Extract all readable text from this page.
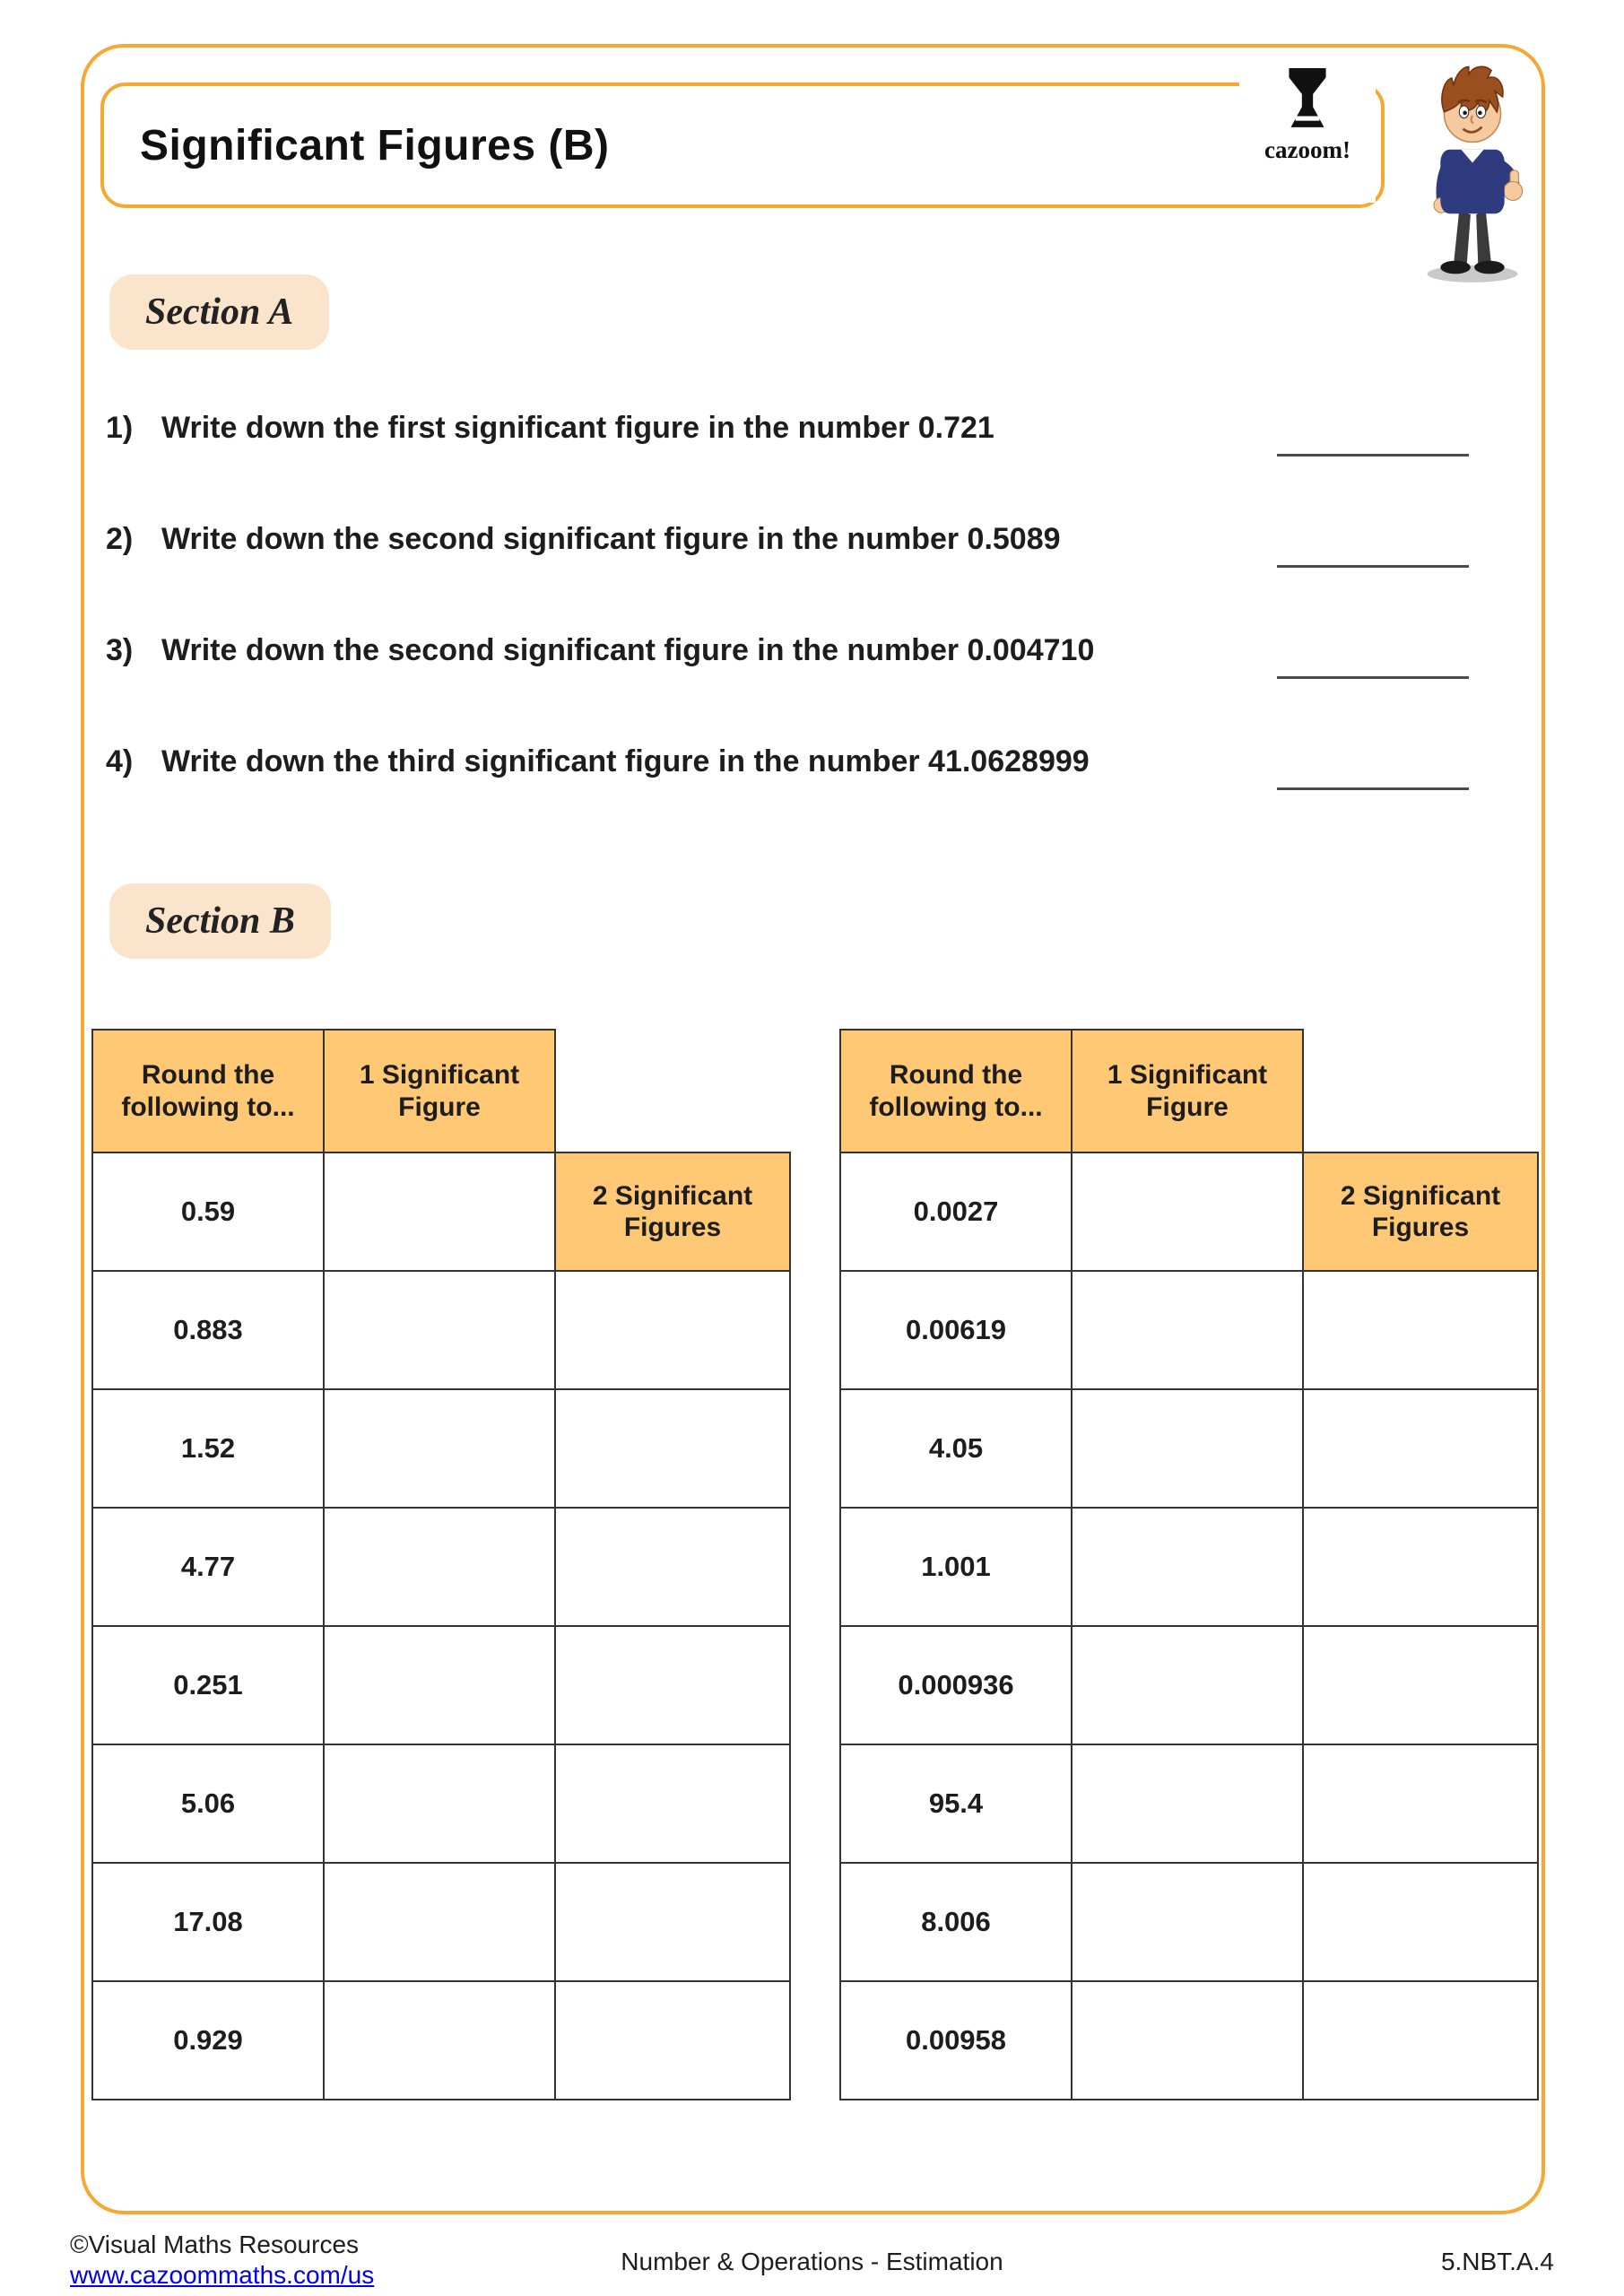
Significant Figures (B)	cazoom!
Section A
1) Write down the first significant figure in the number 0.721
2) Write down the second significant figure in the number 0.5089
3) Write down the second significant figure in the number 0.004710
4) Write down the third significant figure in the number 41.0628999
Section B
Round the following to...	1 Significant Figure	
0.59		2 Significant Figures
0.883		
1.52		
4.77		
0.251		
5.06		
17.08		
0.929		
Round the following to...	1 Significant Figure	
0.0027		2 Significant Figures
0.00619		
4.05		
1.001		
0.000936		
95.4		
8.006		
0.00958		
©Visual Maths Resources
www.cazoommaths.com/us	Number & Operations - Estimation	5.NBT.A.4
